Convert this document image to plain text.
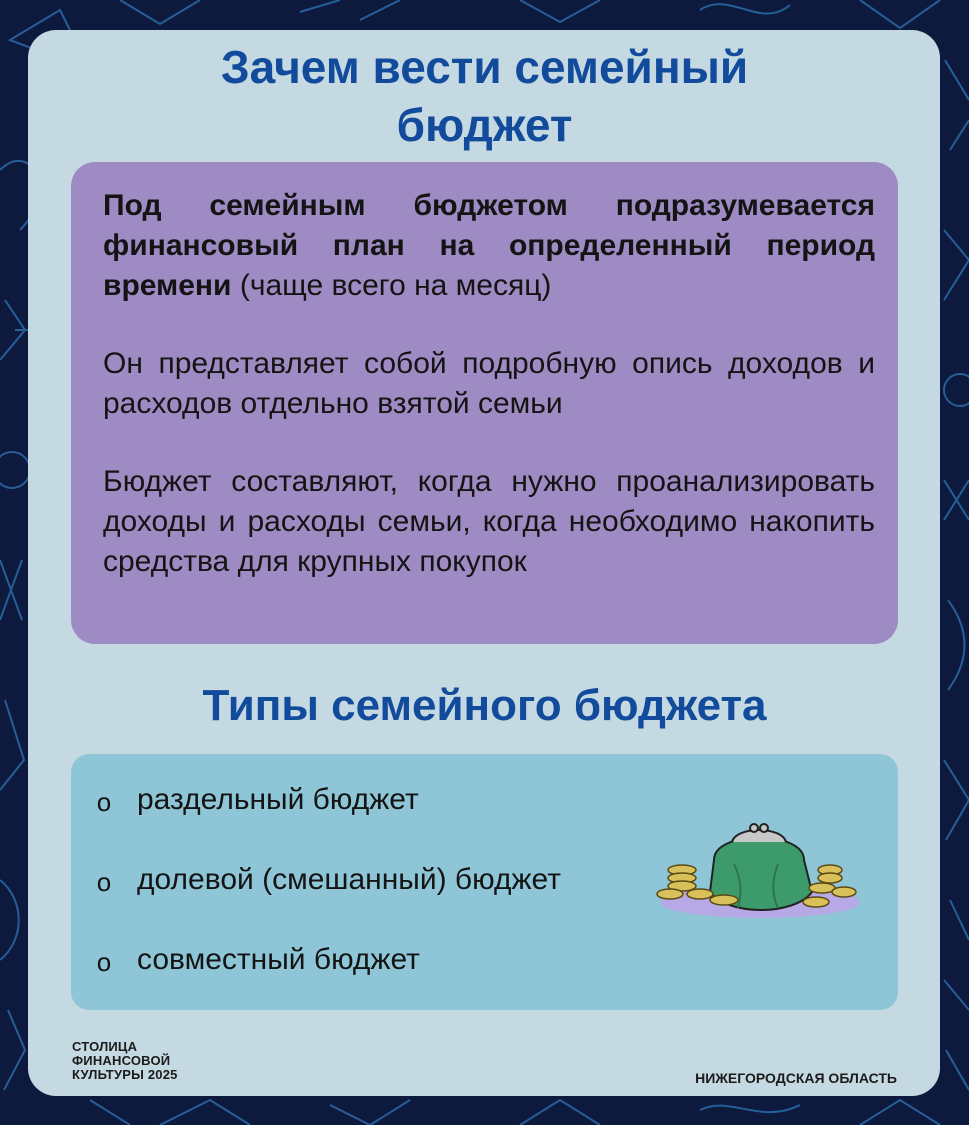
Зачем вести семейный
бюджет

Под семейным бюджетом подразумевается финансовый план на определенный период времени (чаще всего на месяц)

Он представляет собой подробную опись доходов и расходов отдельно взятой семьи

Бюджет составляют, когда нужно проанализировать доходы и расходы семьи, когда необходимо накопить средства для крупных покупок

Типы семейного бюджета
o раздельный бюджет
o долевой (смешанный) бюджет
o совместный бюджет
СТОЛИЦА
ФИНАНСОВОЙ
КУЛЬТУРЫ 2025	НИЖЕГОРОДСКАЯ ОБЛАСТЬ
